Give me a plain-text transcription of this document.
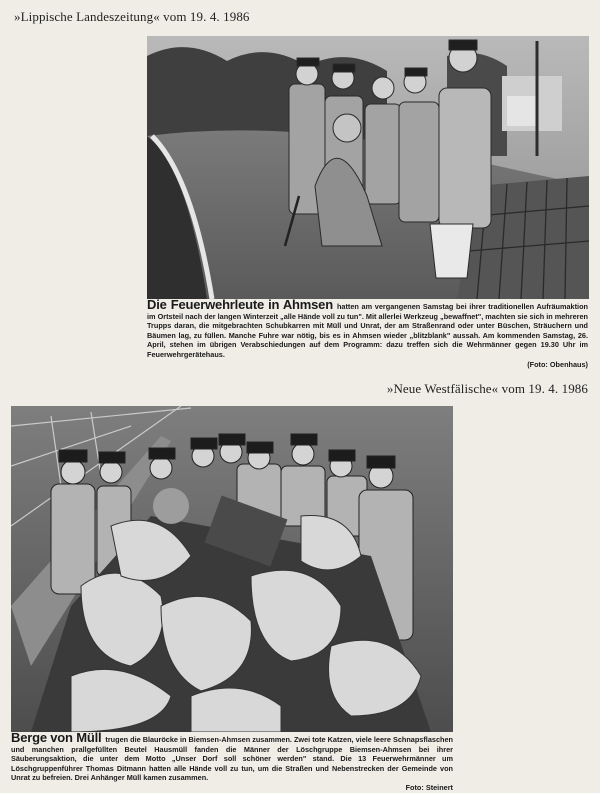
»Lippische Landeszeitung« vom 19. 4. 1986
Die Feuerwehrleute in Ahmsen hatten am vergangenen Samstag bei ihrer traditionellen Aufräumaktion im Ortsteil nach der langen Winterzeit „alle Hände voll zu tun". Mit allerlei Werkzeug „bewaffnet", machten sie sich in mehreren Trupps daran, die mitgebrachten Schubkarren mit Müll und Unrat, der am Straßenrand oder unter Büschen, Sträuchern und Bäumen lag, zu füllen. Manche Fuhre war nötig, bis es in Ahmsen wieder „blitzblank" aussah. Am kommenden Samstag, 26. April, stehen im übrigen Verabschiedungen auf dem Programm: dazu treffen sich die Wehrmänner gegen 19.30 Uhr im Feuerwehrgerätehaus.
(Foto: Obenhaus)
»Neue Westfälische« vom 19. 4. 1986
Berge von Müll trugen die Blauröcke in Biemsen-Ahmsen zusammen. Zwei tote Katzen, viele leere Schnapsflaschen und manchen prallgefüllten Beutel Hausmüll fanden die Männer der Löschgruppe Biemsen-Ahmsen bei ihrer Säuberungsaktion, die unter dem Motto „Unser Dorf soll schöner werden" stand. Die 13 Feuerwehrmänner um Löschgruppenführer Thomas Ditmann hatten alle Hände voll zu tun, um die Straßen und Nebenstrecken der Gemeinde von Unrat zu befreien. Drei Anhänger Müll kamen zusammen.
Foto: Steinert
